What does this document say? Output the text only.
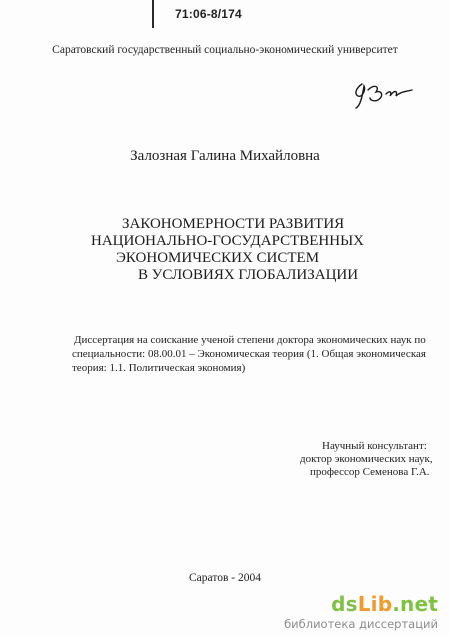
71:06-8/174
Саратовский государственный социально-экономический университет
Залозная Галина Михайловна
ЗАКОНОМЕРНОСТИ РАЗВИТИЯ
НАЦИОНАЛЬНО-ГОСУДАРСТВЕННЫХ
ЭКОНОМИЧЕСКИХ СИСТЕМ
В УСЛОВИЯХ ГЛОБАЛИЗАЦИИ
Диссертация на соискание ученой степени доктора экономических наук по
специальности: 08.00.01 – Экономическая теория (1. Общая экономическая
теория: 1.1. Политическая экономия)
Научный консультант:
доктор экономических наук,
профессор Семенова Г.А.
Саратов - 2004
dsLib.net
библиотека диссертаций
